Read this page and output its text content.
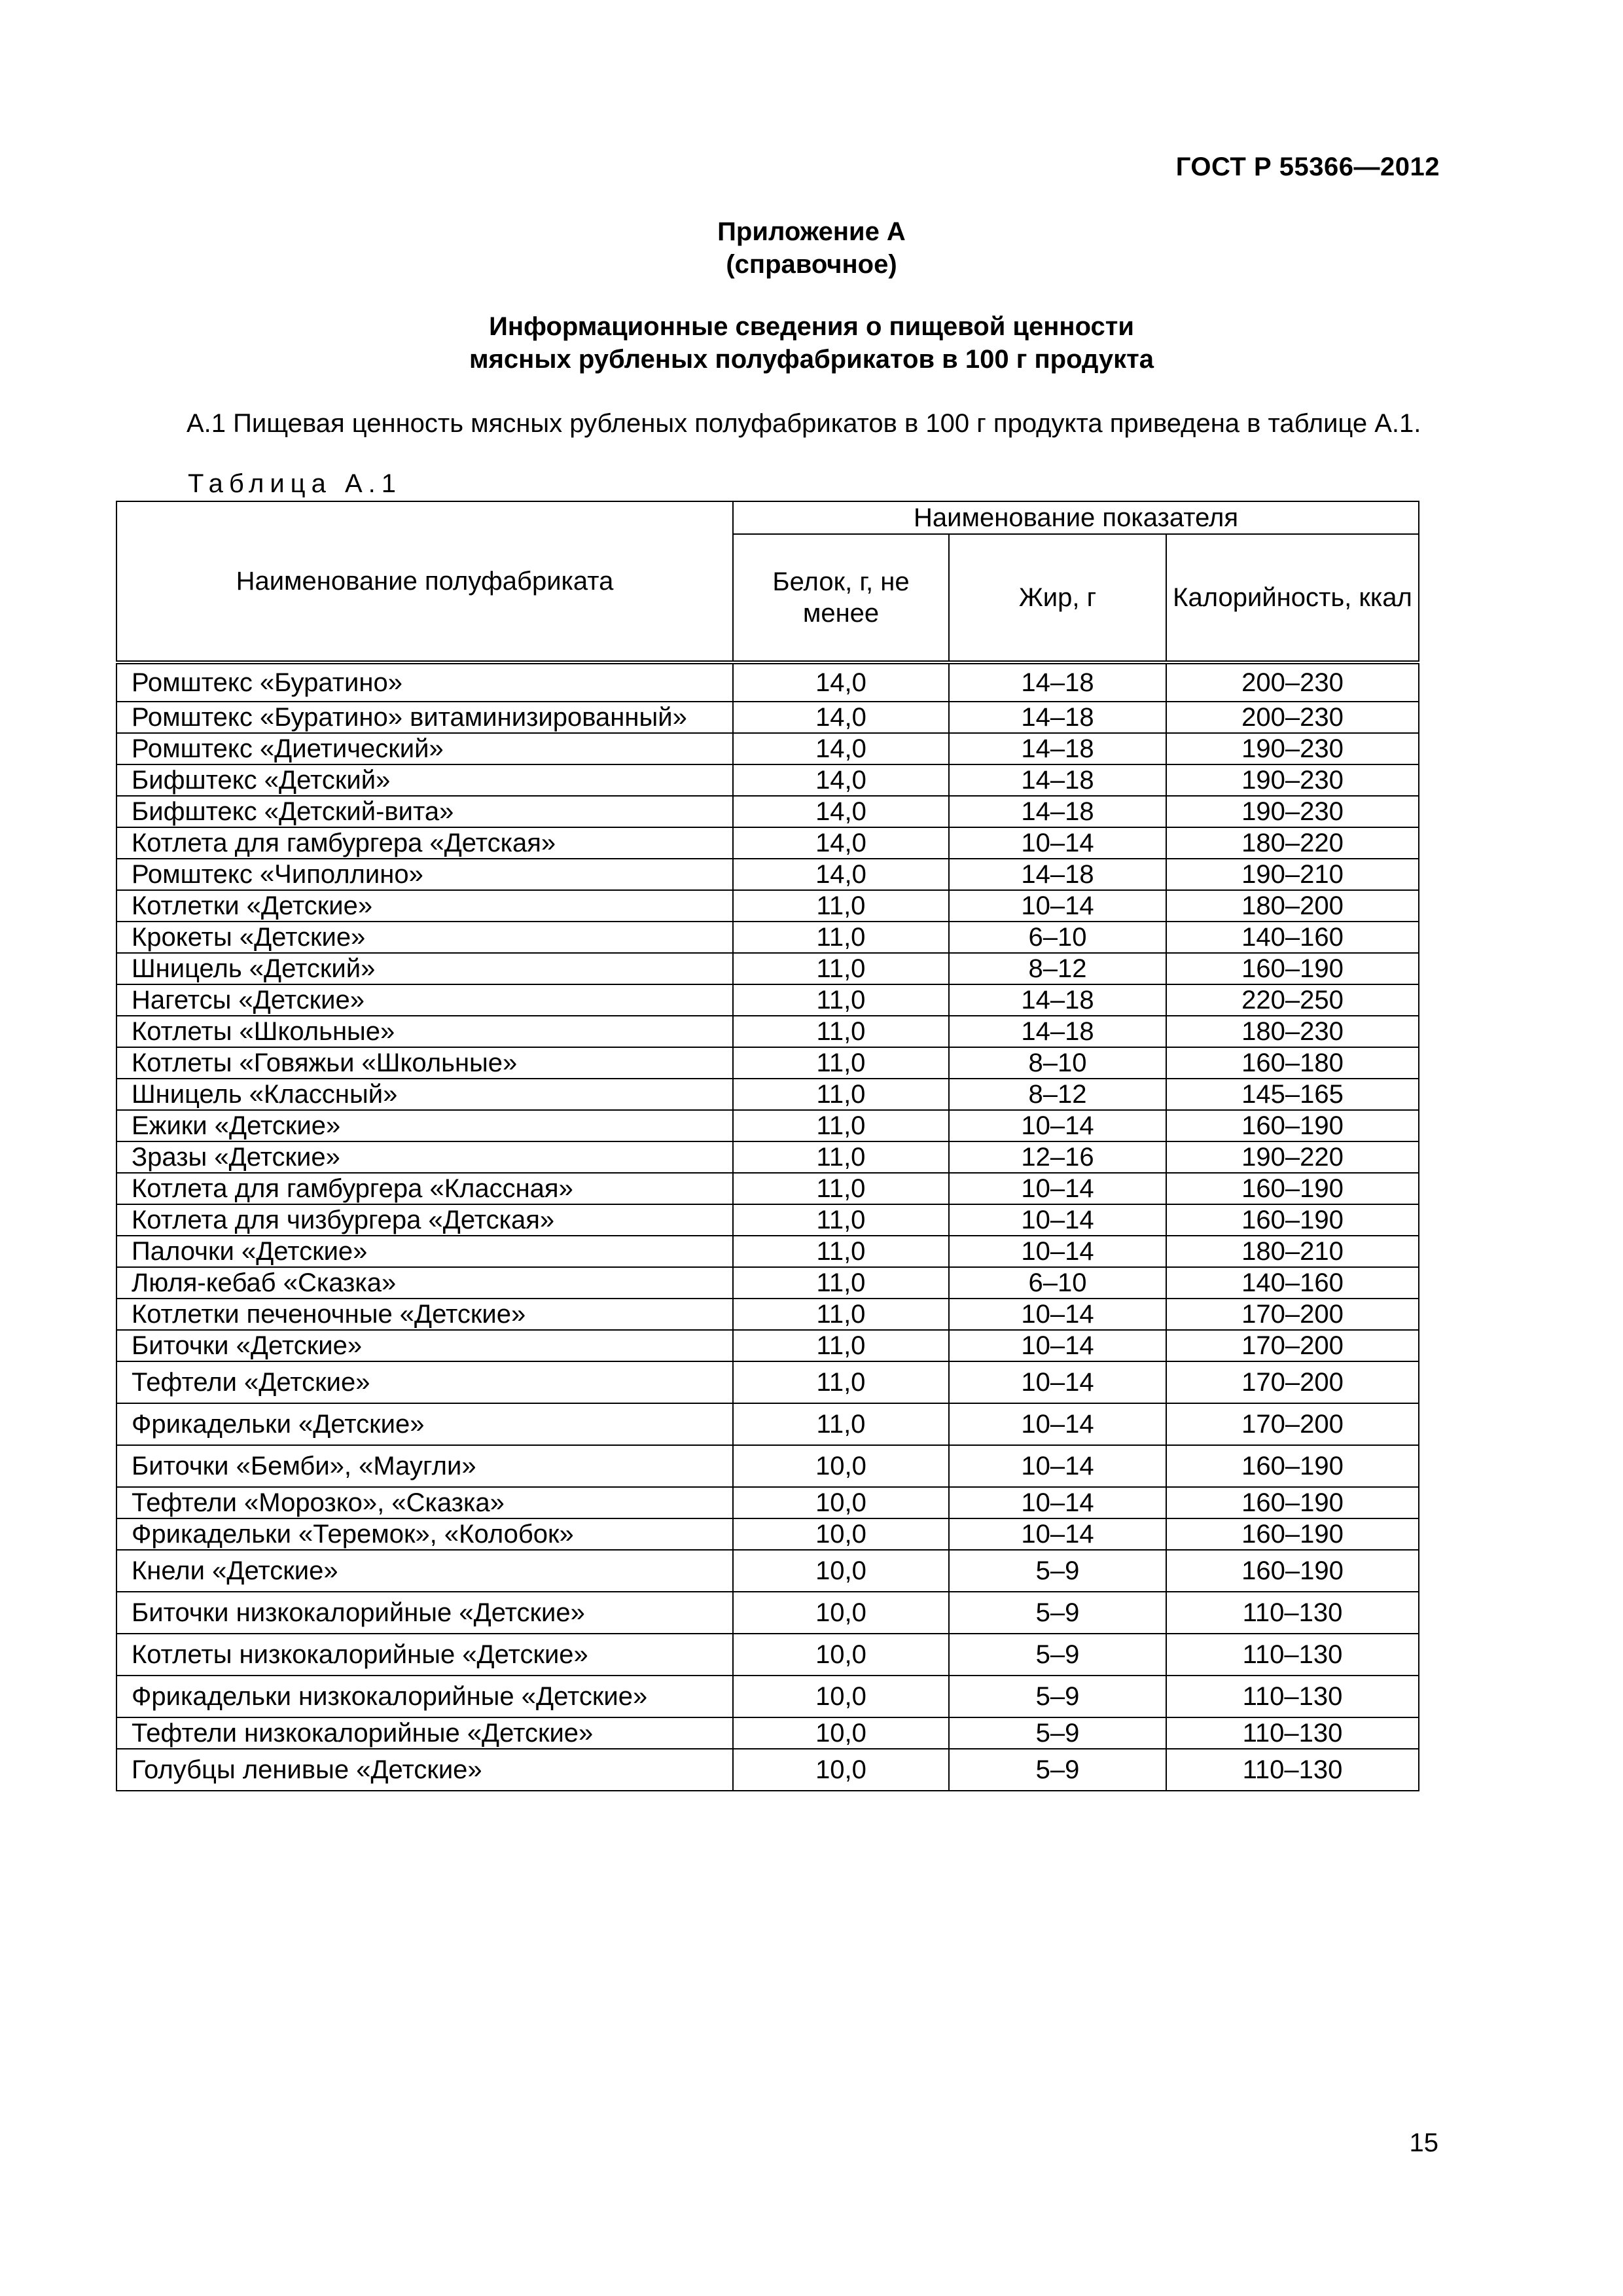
ГОСТ Р 55366—2012
Приложение А
(справочное)
Информационные сведения о пищевой ценности
мясных рубленых полуфабрикатов в 100 г продукта
А.1 Пищевая ценность мясных рубленых полуфабрикатов в 100 г продукта приведена в таблице А.1.
Таблица А.1
Наименование полуфабриката	Наименование показателя		
	Белок, г, не менее	Жир, г	Калорийность, ккал
Ромштекс «Буратино»	14,0	14–18	200–230
Ромштекс «Буратино» витаминизированный»	14,0	14–18	200–230
Ромштекс «Диетический»	14,0	14–18	190–230
Бифштекс «Детский»	14,0	14–18	190–230
Бифштекс «Детский-вита»	14,0	14–18	190–230
Котлета для гамбургера «Детская»	14,0	10–14	180–220
Ромштекс «Чиполлино»	14,0	14–18	190–210
Котлетки «Детские»	11,0	10–14	180–200
Крокеты «Детские»	11,0	6–10	140–160
Шницель «Детский»	11,0	8–12	160–190
Нагетсы «Детские»	11,0	14–18	220–250
Котлеты «Школьные»	11,0	14–18	180–230
Котлеты «Говяжьи «Школьные»	11,0	8–10	160–180
Шницель «Классный»	11,0	8–12	145–165
Ежики «Детские»	11,0	10–14	160–190
Зразы «Детские»	11,0	12–16	190–220
Котлета для гамбургера «Классная»	11,0	10–14	160–190
Котлета для чизбургера «Детская»	11,0	10–14	160–190
Палочки «Детские»	11,0	10–14	180–210
Люля-кебаб «Сказка»	11,0	6–10	140–160
Котлетки печеночные «Детские»	11,0	10–14	170–200
Биточки «Детские»	11,0	10–14	170–200
Тефтели «Детские»	11,0	10–14	170–200
Фрикадельки «Детские»	11,0	10–14	170–200
Биточки «Бемби», «Маугли»	10,0	10–14	160–190
Тефтели «Морозко», «Сказка»	10,0	10–14	160–190
Фрикадельки «Теремок», «Колобок»	10,0	10–14	160–190
Кнели «Детские»	10,0	5–9	160–190
Биточки низкокалорийные «Детские»	10,0	5–9	110–130
Котлеты низкокалорийные «Детские»	10,0	5–9	110–130
Фрикадельки низкокалорийные «Детские»	10,0	5–9	110–130
Тефтели низкокалорийные «Детские»	10,0	5–9	110–130
Голубцы ленивые «Детские»	10,0	5–9	110–130
15
